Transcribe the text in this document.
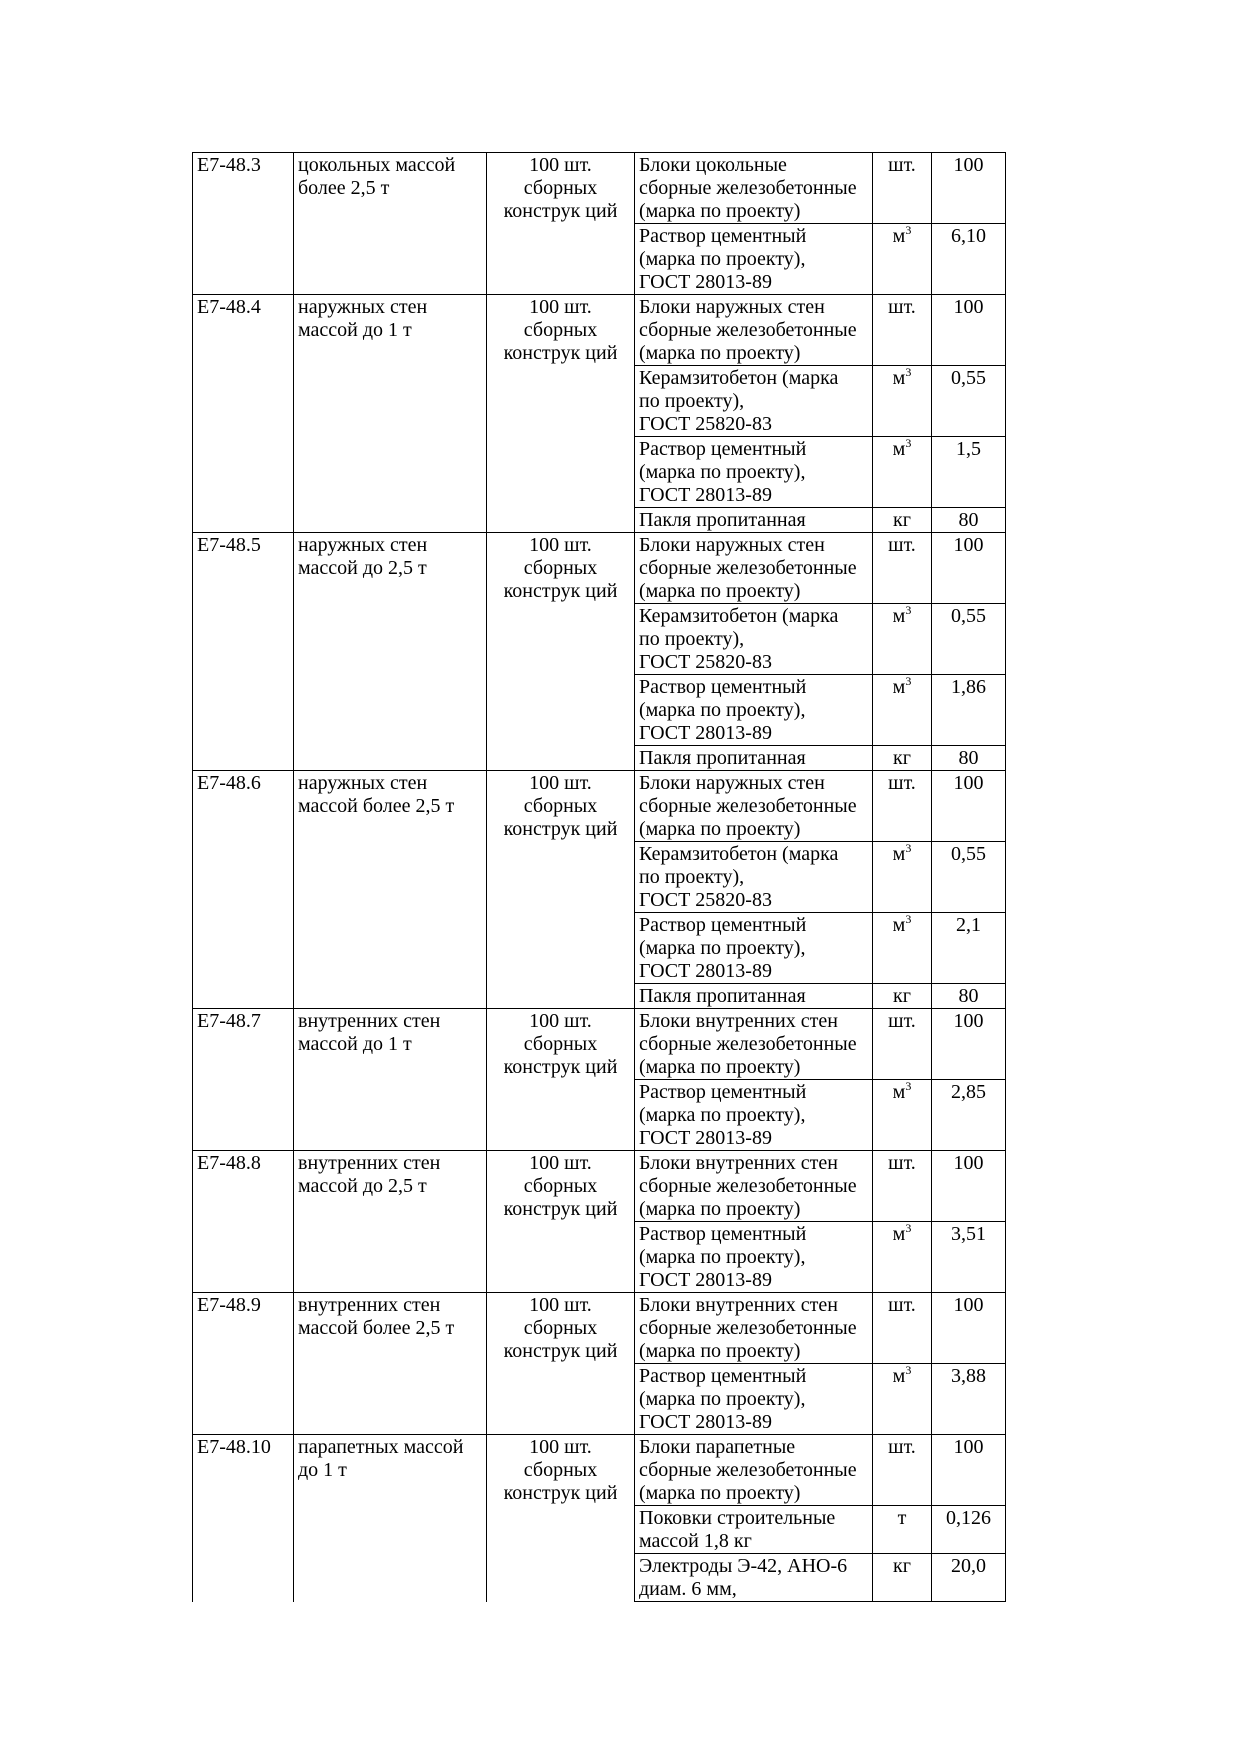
Е7-48.3	цокольных массой более 2,5 т	100 шт.
сборных
конструк ций	Блоки цокольные
сборные железобетонные
(марка по проекту)	шт.	100
			Раствор цементный
(марка по проекту),
ГОСТ 28013-89	$м^3$	6,10
Е7-48.4	наружных стен массой до 1 т	100 шт.
сборных
конструк ций	Блоки наружных стен
сборные железобетонные
(марка по проекту)	шт.	100
			Керамзитобетон (марка
по проекту),
ГОСТ 25820-83	$м^3$	0,55
			Раствор цементный
(марка по проекту),
ГОСТ 28013-89	$м^3$	1,5
			Пакля пропитанная	кг	80
Е7-48.5	наружных стен массой до 2,5 т	100 шт.
сборных
конструк ций	Блоки наружных стен
сборные железобетонные
(марка по проекту)	шт.	100
			Керамзитобетон (марка
по проекту),
ГОСТ 25820-83	$м^3$	0,55
			Раствор цементный
(марка по проекту),
ГОСТ 28013-89	$м^3$	1,86
			Пакля пропитанная	кг	80
Е7-48.6	наружных стен массой более 2,5 т	100 шт.
сборных
конструк ций	Блоки наружных стен
сборные железобетонные
(марка по проекту)	шт.	100
			Керамзитобетон (марка
по проекту),
ГОСТ 25820-83	$м^3$	0,55
			Раствор цементный
(марка по проекту),
ГОСТ 28013-89	$м^3$	2,1
			Пакля пропитанная	кг	80
Е7-48.7	внутренних стен массой до 1 т	100 шт.
сборных
конструк ций	Блоки внутренних стен
сборные железобетонные
(марка по проекту)	шт.	100
			Раствор цементный
(марка по проекту),
ГОСТ 28013-89	$м^3$	2,85
Е7-48.8	внутренних стен массой до 2,5 т	100 шт.
сборных
конструк ций	Блоки внутренних стен
сборные железобетонные
(марка по проекту)	шт.	100
			Раствор цементный
(марка по проекту),
ГОСТ 28013-89	$м^3$	3,51
Е7-48.9	внутренних стен массой более 2,5 т	100 шт.
сборных
конструк ций	Блоки внутренних стен
сборные железобетонные
(марка по проекту)	шт.	100
			Раствор цементный
(марка по проекту),
ГОСТ 28013-89	$м^3$	3,88
Е7-48.10	парапетных массой до 1 т	100 шт.
сборных
конструк ций	Блоки парапетные
сборные железобетонные
(марка по проекту)	шт.	100
			Поковки строительные
массой 1,8 кг	т	0,126
			Электроды Э-42, АНО-6
диам. 6 мм,	кг	20,0
